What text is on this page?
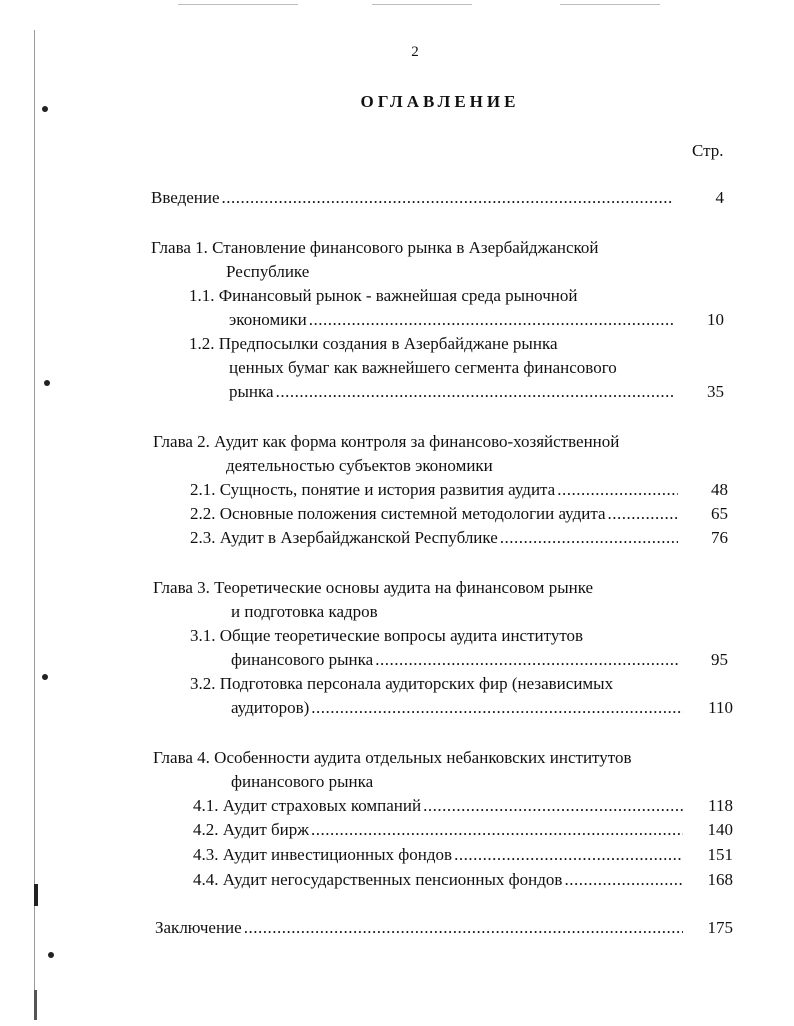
2
ОГЛАВЛЕНИЕ
Стр.
Введение .....	4
Глава 1. Становление финансового рынка в Азербайджанской
Республике
1.1. Финансовый рынок - важнейшая среда рыночной
экономики .....	10
1.2. Предпосылки создания в Азербайджане рынка
ценных бумаг как важнейшего сегмента финансового
рынка .....	35
Глава 2. Аудит как форма контроля за финансово-хозяйственной
деятельностью субъектов экономики
2.1. Сущность, понятие и история развития аудита .....	48
2.2. Основные положения системной методологии аудита .....	65
2.3. Аудит в Азербайджанской Республике .....	76
Глава 3. Теоретические основы аудита на финансовом рынке
и подготовка кадров
3.1. Общие теоретические вопросы аудита институтов
финансового рынка .....	95
3.2. Подготовка персонала аудиторских фир (независимых
аудиторов) .....	110
Глава 4. Особенности аудита отдельных небанковских институтов
финансового рынка
4.1. Аудит страховых компаний .....	118
4.2. Аудит бирж .....	140
4.3. Аудит инвестиционных фондов .....	151
4.4. Аудит негосударственных пенсионных фондов .....	168
Заключение .....	175
